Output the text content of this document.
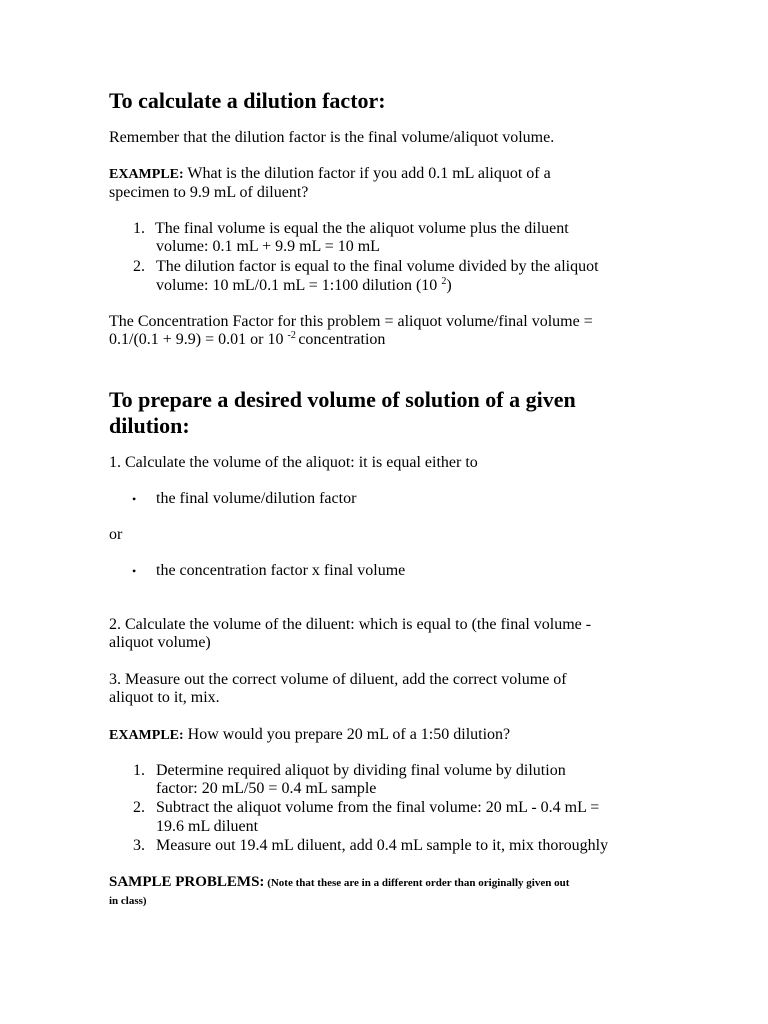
To calculate a dilution factor:
Remember that the dilution factor is the final volume/aliquot volume.
EXAMPLE: What is the dilution factor if you add 0.1 mL aliquot of a
specimen to 9.9 mL of diluent?
1. The final volume is equal the the aliquot volume plus the diluent
volume: 0.1 mL + 9.9 mL = 10 mL
2. The dilution factor is equal to the final volume divided by the aliquot
volume: 10 mL/0.1 mL = 1:100 dilution (10 $^2$)
The Concentration Factor for this problem = aliquot volume/final volume =
0.1/(0.1 + 9.9) = 0.01 or 10 $^{-2}$ concentration
To prepare a desired volume of solution of a given
dilution:
1. Calculate the volume of the aliquot: it is equal either to
• the final volume/dilution factor
or
• the concentration factor x final volume
2. Calculate the volume of the diluent: which is equal to (the final volume -
aliquot volume)
3. Measure out the correct volume of diluent, add the correct volume of
aliquot to it, mix.
EXAMPLE: How would you prepare 20 mL of a 1:50 dilution?
1. Determine required aliquot by dividing final volume by dilution
factor: 20 mL/50 = 0.4 mL sample
2. Subtract the aliquot volume from the final volume: 20 mL - 0.4 mL =
19.6 mL diluent
3. Measure out 19.4 mL diluent, add 0.4 mL sample to it, mix thoroughly
SAMPLE PROBLEMS: (Note that these are in a different order than originally given out
in class)
